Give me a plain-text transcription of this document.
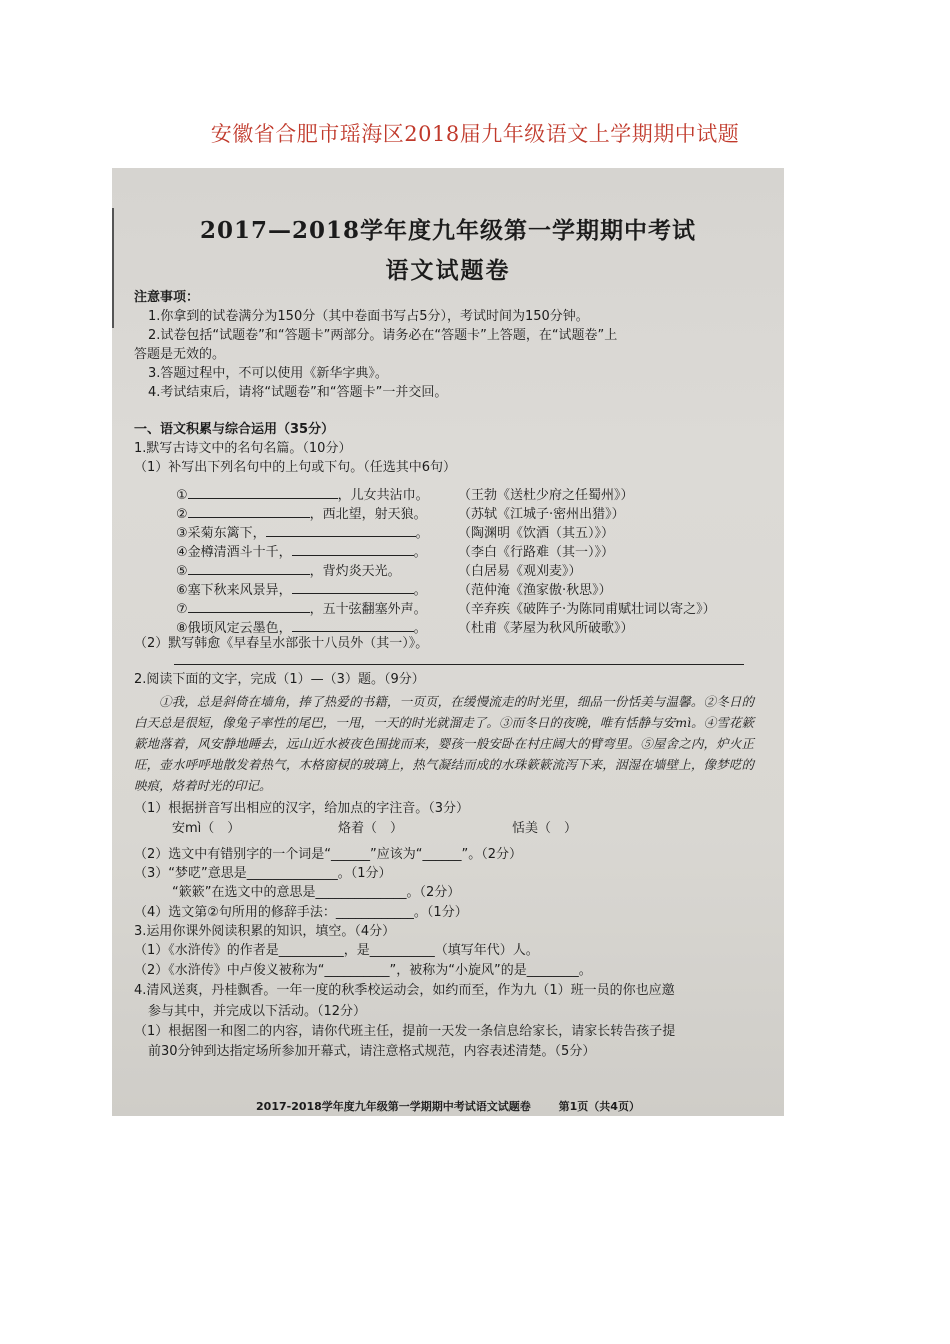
安徽省合肥市瑶海区2018届九年级语文上学期期中试题
2017—2018学年度九年级第一学期期中考试
语文试题卷
注意事项：
1.你拿到的试卷满分为150分（其中卷面书写占5分），考试时间为150分钟。
2.试卷包括“试题卷”和“答题卡”两部分。请务必在“答题卡”上答题，在“试题卷”上
答题是无效的。
3.答题过程中，不可以使用《新华字典》。
4.考试结束后，请将“试题卷”和“答题卡”一并交回。
一、语文积累与综合运用（35分）
1.默写古诗文中的名句名篇。（10分）
（1）补写出下列名句中的上句或下句。（任选其中6句）
①	，儿女共沾巾。 （王勃《送杜少府之任蜀州》）
②	，西北望，射天狼。 （苏轼《江城子·密州出猎》）
③采菊东篱下，	。 （陶渊明《饮酒（其五）》）
④金樽清酒斗十千，	。 （李白《行路难（其一）》）
⑤	，背灼炎天光。	（白居易《观刈麦》）
⑥塞下秋来风景异，	。 （范仲淹《渔家傲·秋思》）
⑦	，五十弦翻塞外声。 （辛弃疾《破阵子·为陈同甫赋壮词以寄之》）
⑧俄顷风定云墨色，	。 （杜甫《茅屋为秋风所破歌》）
（2）默写韩愈《早春呈水部张十八员外（其一）》。
2.阅读下面的文字，完成（1）—（3）题。（9分）
①我，总是斜倚在墙角，捧了热爱的书籍，一页页，在缓慢流走的时光里，细品一份恬美与温馨。②冬日的白天总是很短，像兔子率性的尾巴，一甩，一天的时光就溜走了。③而冬日的夜晚，唯有恬静与安mì。④雪花簌簌地落着，风安静地睡去，远山近水被夜色围拢而来，婴孩一般安卧在村庄阔大的臂弯里。⑤屋舍之内，炉火正旺，壶水呼呼地散发着热气，木格窗棂的玻璃上，热气凝结而成的水珠簌簌流泻下来，洇湿在墙壁上，像梦呓的映痕，烙着时光的印记。
（1）根据拼音写出相应的汉字，给加点的字注音。（3分）
安mì（　）	烙着（　）	恬美（　）
（2）选文中有错别字的一个词是“______”应该为“______”。（2分）
（3）“梦呓”意思是______________。（1分）
“簌簌”在选文中的意思是______________。（2分）
（4）选文第②句所用的修辞手法：____________。（1分）
3.运用你课外阅读积累的知识，填空。（4分）
（1）《水浒传》的作者是__________，是__________（填写年代）人。
（2）《水浒传》中卢俊义被称为“__________”，被称为“小旋风”的是________。
4.清风送爽，丹桂飘香。一年一度的秋季校运动会，如约而至，作为九（1）班一员的你也应邀
参与其中，并完成以下活动。（12分）
（1）根据图一和图二的内容，请你代班主任，提前一天发一条信息给家长，请家长转告孩子提
前30分钟到达指定场所参加开幕式，请注意格式规范，内容表述清楚。（5分）
2017-2018学年度九年级第一学期期中考试语文试题卷	第1页（共4页）
